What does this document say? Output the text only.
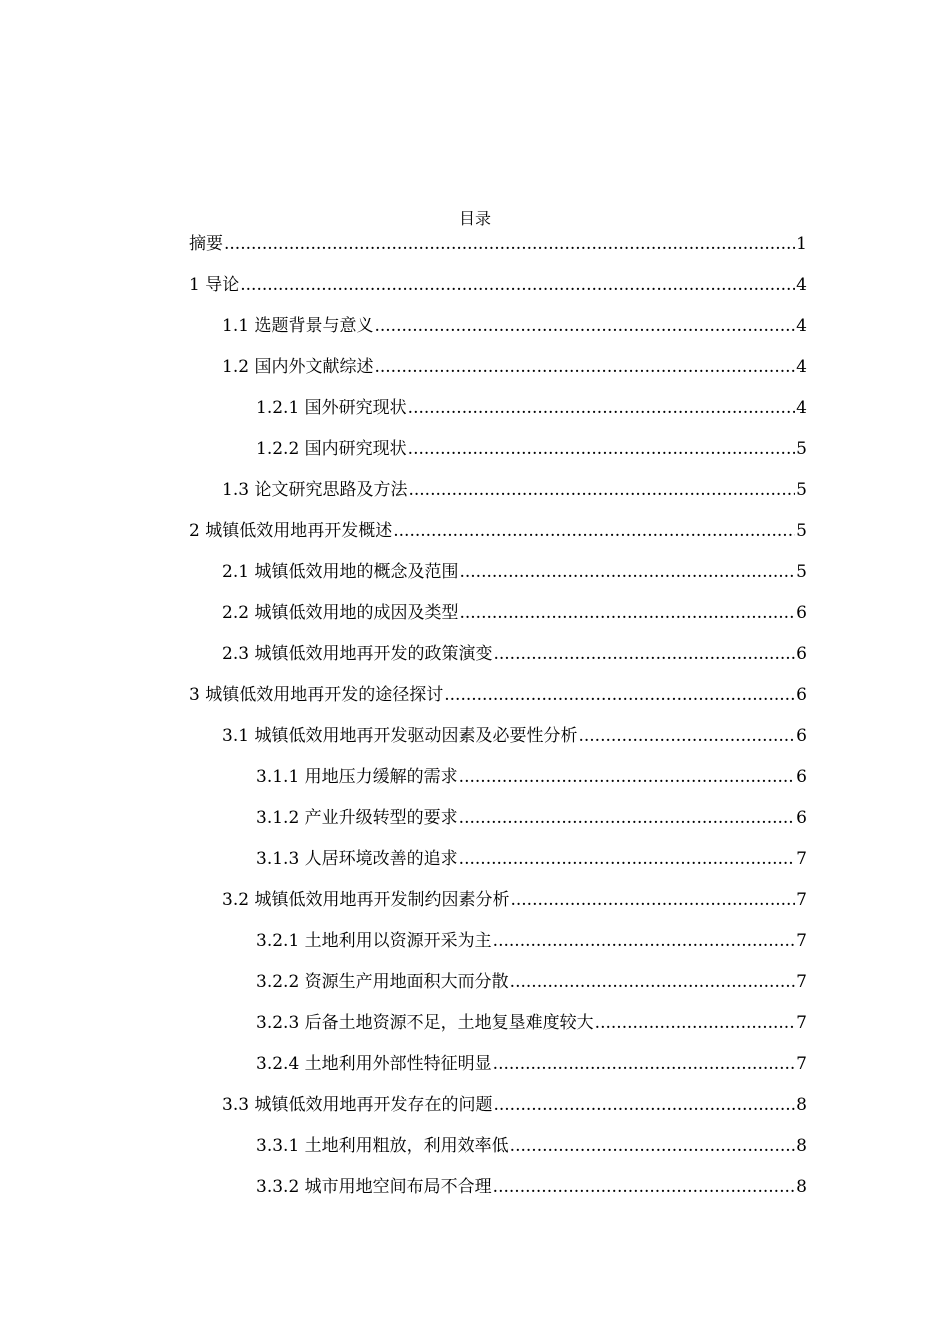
目录
摘要 .....	1
1 导论 .....	4
1.1 选题背景与意义 .....	4
1.2 国内外文献综述 .....	4
1.2.1 国外研究现状 .....	4
1.2.2 国内研究现状 .....	5
1.3 论文研究思路及方法 .....	5
2 城镇低效用地再开发概述 .....	5
2.1 城镇低效用地的概念及范围 .....	5
2.2 城镇低效用地的成因及类型 .....	6
2.3 城镇低效用地再开发的政策演变 .....	6
3 城镇低效用地再开发的途径探讨 .....	6
3.1 城镇低效用地再开发驱动因素及必要性分析 .....	6
3.1.1 用地压力缓解的需求 .....	6
3.1.2 产业升级转型的要求 .....	6
3.1.3 人居环境改善的追求 .....	7
3.2 城镇低效用地再开发制约因素分析 .....	7
3.2.1 土地利用以资源开采为主 .....	7
3.2.2 资源生产用地面积大而分散 .....	7
3.2.3 后备土地资源不足，土地复垦难度较大 .....	7
3.2.4 土地利用外部性特征明显 .....	7
3.3 城镇低效用地再开发存在的问题 .....	8
3.3.1 土地利用粗放，利用效率低 .....	8
3.3.2 城市用地空间布局不合理 .....	8
